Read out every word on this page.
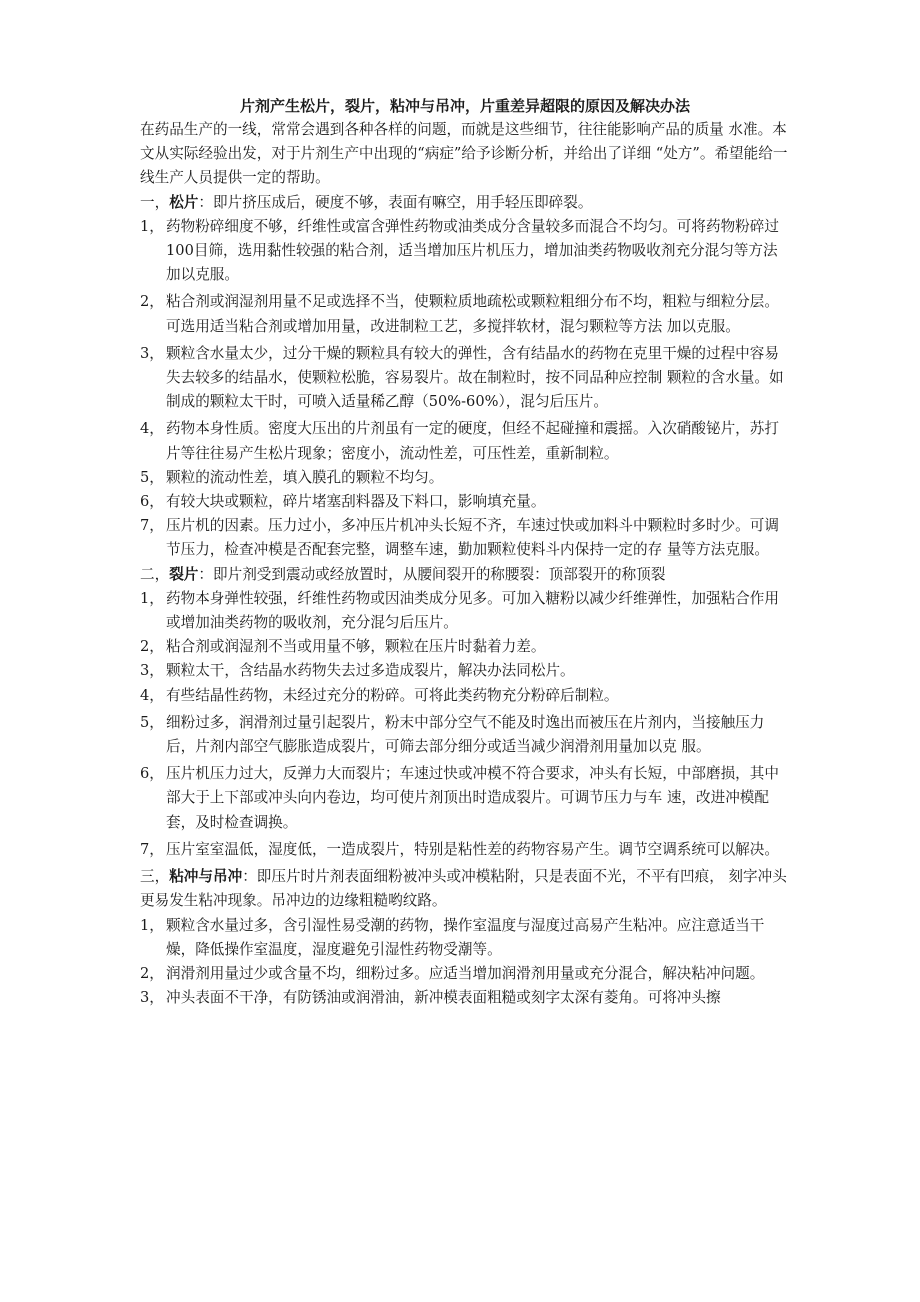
片剂产生松片，裂片，粘冲与吊冲，片重差异超限的原因及解决办法

在药品生产的一线，常常会遇到各种各样的问题，而就是这些细节，往往能影响产品的质量 水准。本文从实际经验出发，对于片剂生产中出现的“病症”给予诊断分析，并给出了详细 “处方”。希望能给一线生产人员提供一定的帮助。

一，松片：即片挤压成后，硬度不够，表面有嘛空，用手轻压即碎裂。

1， 药物粉碎细度不够，纤维性或富含弹性药物或油类成分含量较多而混合不均匀。可将药物粉碎过100目筛，选用黏性较强的粘合剂，适当增加压片机压力，增加油类药物吸收剂充分混匀等方法加以克服。
2， 粘合剂或润湿剂用量不足或选择不当，使颗粒质地疏松或颗粒粗细分布不均，粗粒与细粒分层。可选用适当粘合剂或增加用量，改进制粒工艺，多搅拌软材，混匀颗粒等方法 加以克服。
3， 颗粒含水量太少，过分干燥的颗粒具有较大的弹性，含有结晶水的药物在克里干燥的过程中容易失去较多的结晶水，使颗粒松脆，容易裂片。故在制粒时，按不同品种应控制 颗粒的含水量。如制成的颗粒太干时，可喷入适量稀乙醇（50%-60%），混匀后压片。
4， 药物本身性质。密度大压出的片剂虽有一定的硬度，但经不起碰撞和震摇。入次硝酸铋片，苏打片等往往易产生松片现象；密度小，流动性差，可压性差，重新制粒。
5， 颗粒的流动性差，填入膜孔的颗粒不均匀。
6， 有较大块或颗粒，碎片堵塞刮料器及下料口，影响填充量。
7， 压片机的因素。压力过小，多冲压片机冲头长短不齐，车速过快或加料斗中颗粒时多时少。可调节压力，检查冲模是否配套完整，调整车速，勤加颗粒使料斗内保持一定的存 量等方法克服。

二，裂片：即片剂受到震动或经放置时，从腰间裂开的称腰裂：顶部裂开的称顶裂

1， 药物本身弹性较强，纤维性药物或因油类成分见多。可加入糖粉以减少纤维弹性，加强粘合作用或增加油类药物的吸收剂，充分混匀后压片。
2， 粘合剂或润湿剂不当或用量不够，颗粒在压片时黏着力差。
3， 颗粒太干，含结晶水药物失去过多造成裂片，解决办法同松片。
4， 有些结晶性药物，未经过充分的粉碎。可将此类药物充分粉碎后制粒。
5， 细粉过多，润滑剂过量引起裂片，粉末中部分空气不能及时逸出而被压在片剂内，当接触压力后，片剂内部空气膨胀造成裂片，可筛去部分细分或适当减少润滑剂用量加以克 服。
6， 压片机压力过大，反弹力大而裂片；车速过快或冲模不符合要求，冲头有长短，中部磨损，其中部大于上下部或冲头向内卷边，均可使片剂顶出时造成裂片。可调节压力与车 速，改进冲模配套，及时检查调换。
7， 压片室室温低，湿度低，一造成裂片，特别是粘性差的药物容易产生。调节空调系统可以解决。

三，粘冲与吊冲：即压片时片剂表面细粉被冲头或冲模粘附，只是表面不光，不平有凹痕， 刻字冲头更易发生粘冲现象。吊冲边的边缘粗糙哟纹路。

1， 颗粒含水量过多，含引湿性易受潮的药物，操作室温度与湿度过高易产生粘冲。应注意适当干燥，降低操作室温度，湿度避免引湿性药物受潮等。
2， 润滑剂用量过少或含量不均，细粉过多。应适当增加润滑剂用量或充分混合，解决粘冲问题。
3， 冲头表面不干净，有防锈油或润滑油，新冲模表面粗糙或刻字太深有菱角。可将冲头擦
